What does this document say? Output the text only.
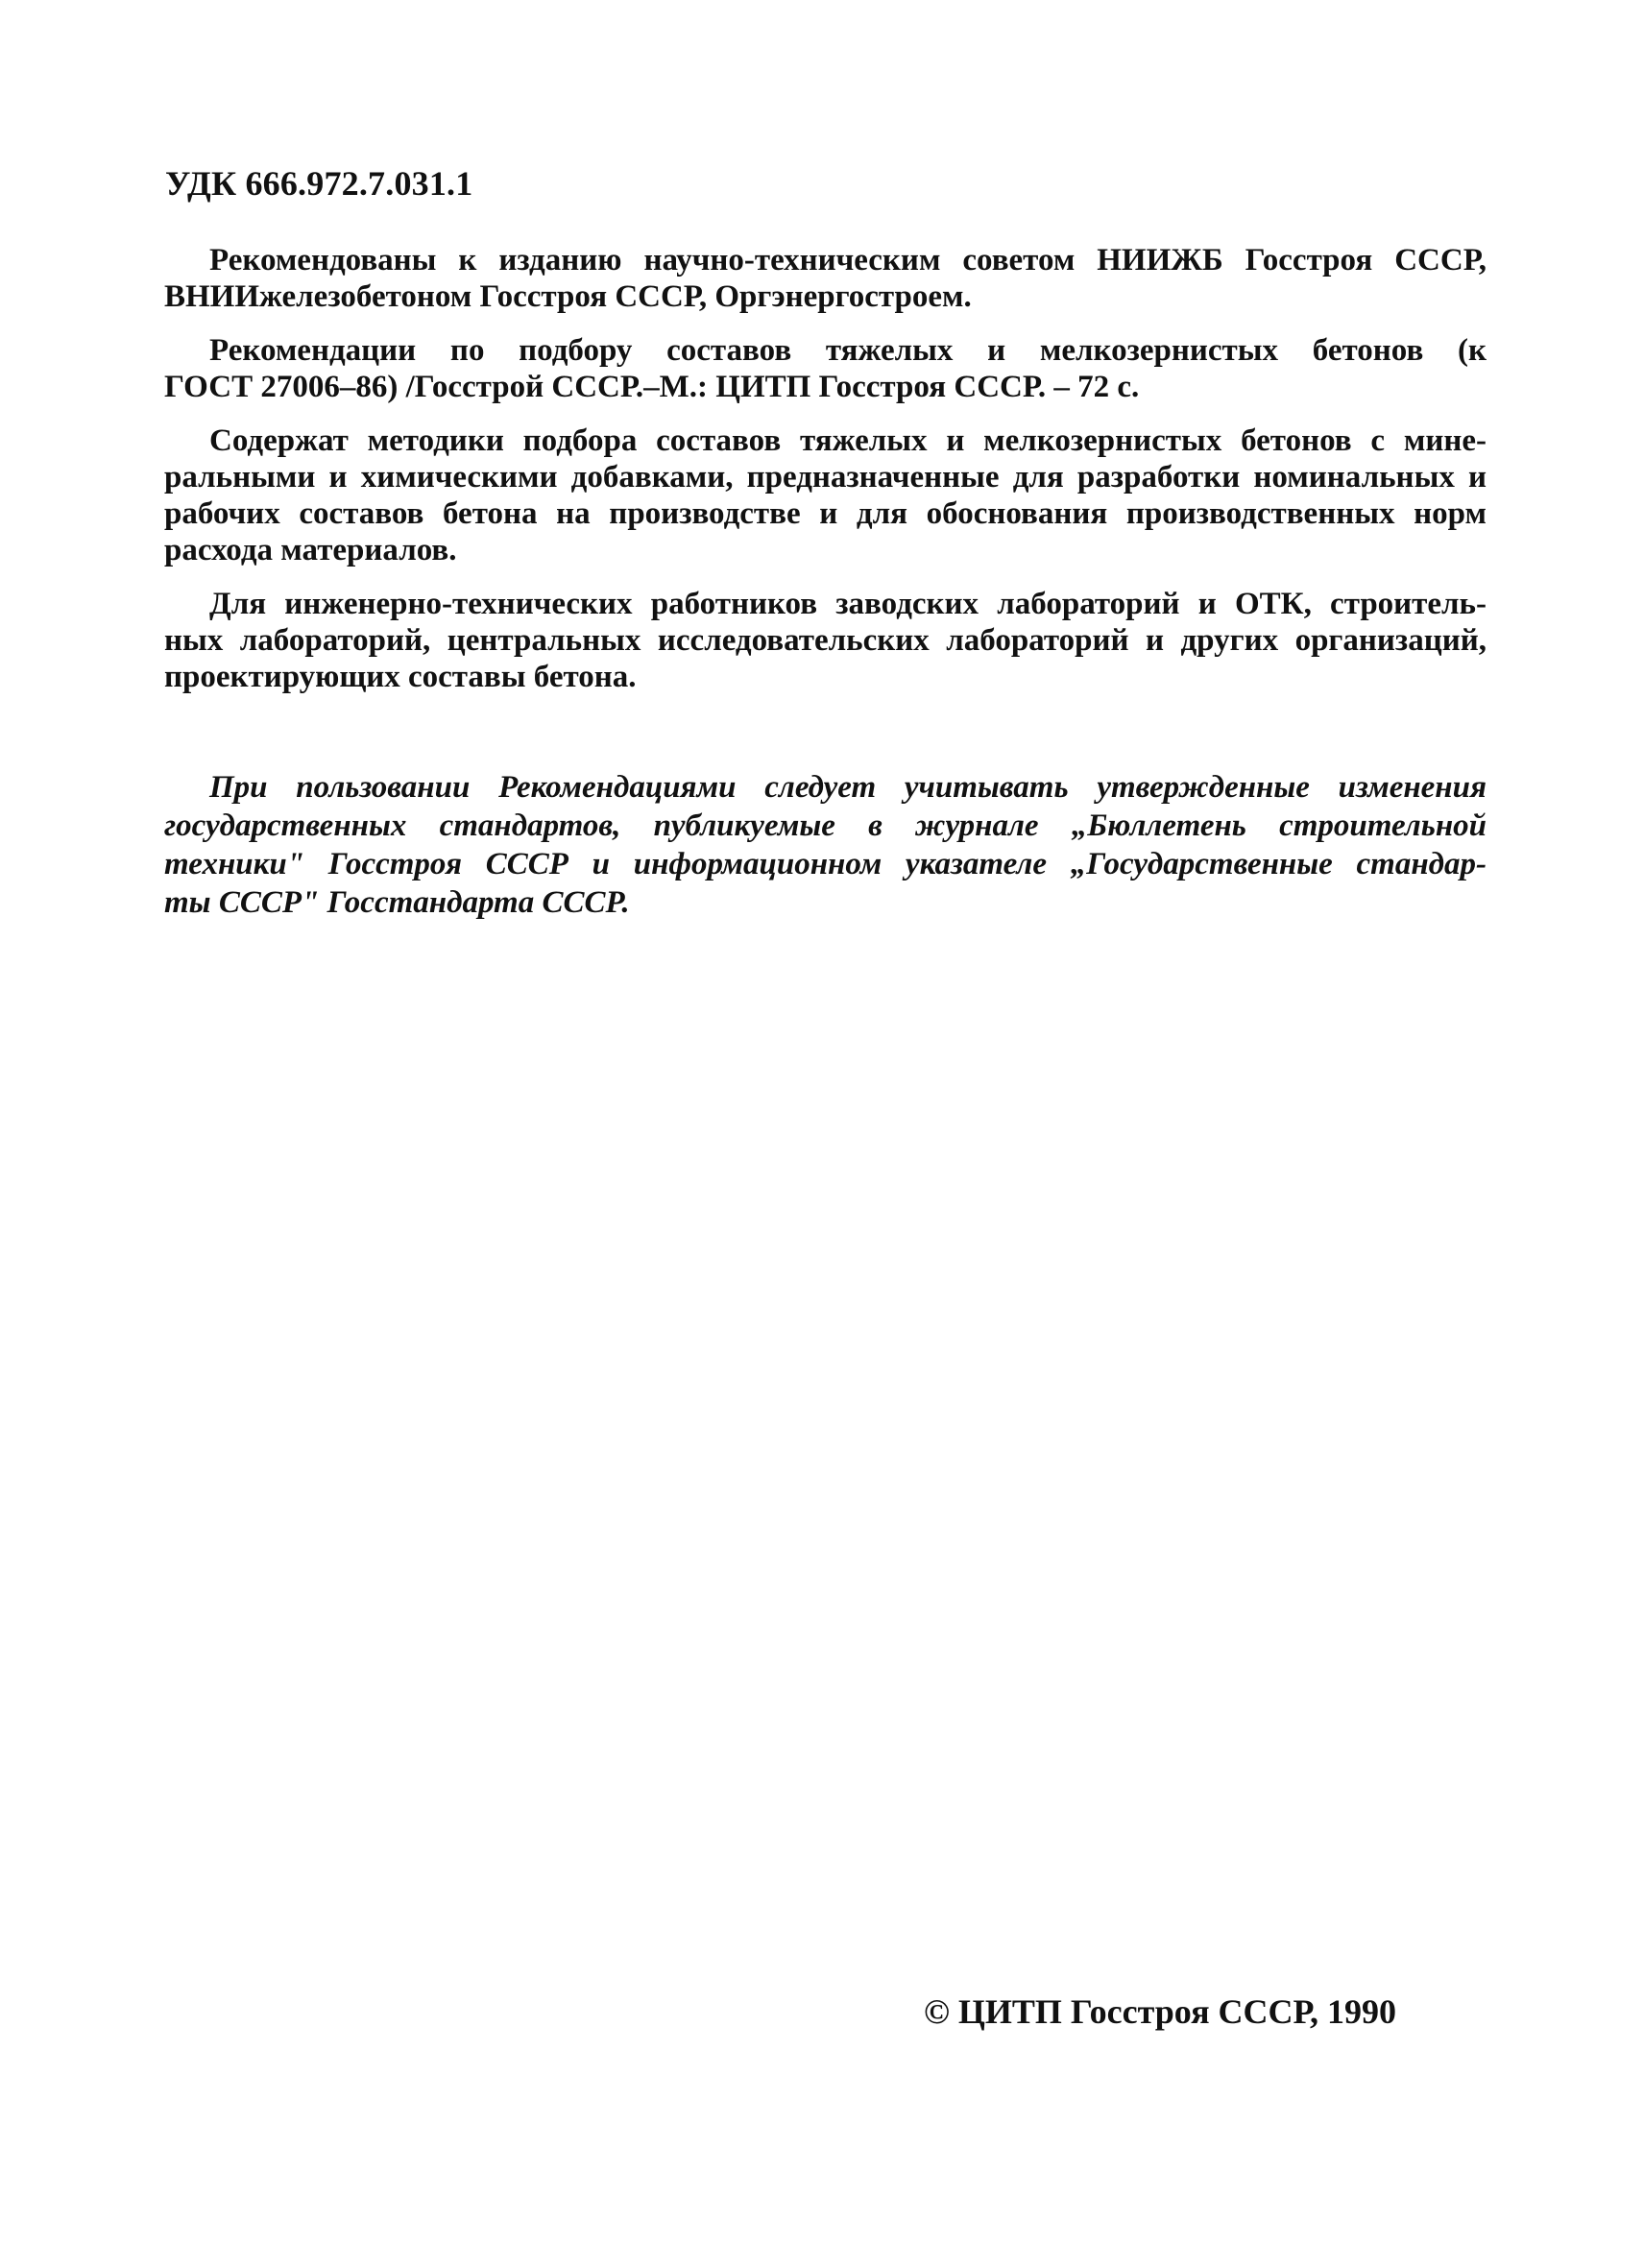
УДК 666.972.7.031.1

Рекомендованы к изданию научно-техническим советом НИИЖБ Госстроя СССР,
ВНИИжелезобетоном Госстроя СССР, Оргэнергостроем.

Рекомендации по подбору составов тяжелых и мелкозернистых бетонов (к
ГОСТ 27006–86) /Госстрой СССР.–М.: ЦИТП Госстроя СССР. – 72 с.

Содержат методики подбора составов тяжелых и мелкозернистых бетонов с мине-
ральными и химическими добавками, предназначенные для разработки номинальных и
рабочих составов бетона на производстве и для обоснования производственных норм
расхода материалов.

Для инженерно-технических работников заводских лабораторий и ОТК, строитель-
ных лабораторий, центральных исследовательских лабораторий и других организаций,
проектирующих составы бетона.

При пользовании Рекомендациями следует учитывать утвержденные изменения
государственных стандартов, публикуемые в журнале „Бюллетень строительной
техники" Госстроя СССР и информационном указателе „Государственные стандар-
ты СССР" Госстандарта СССР.
© ЦИТП Госстроя СССР, 1990
